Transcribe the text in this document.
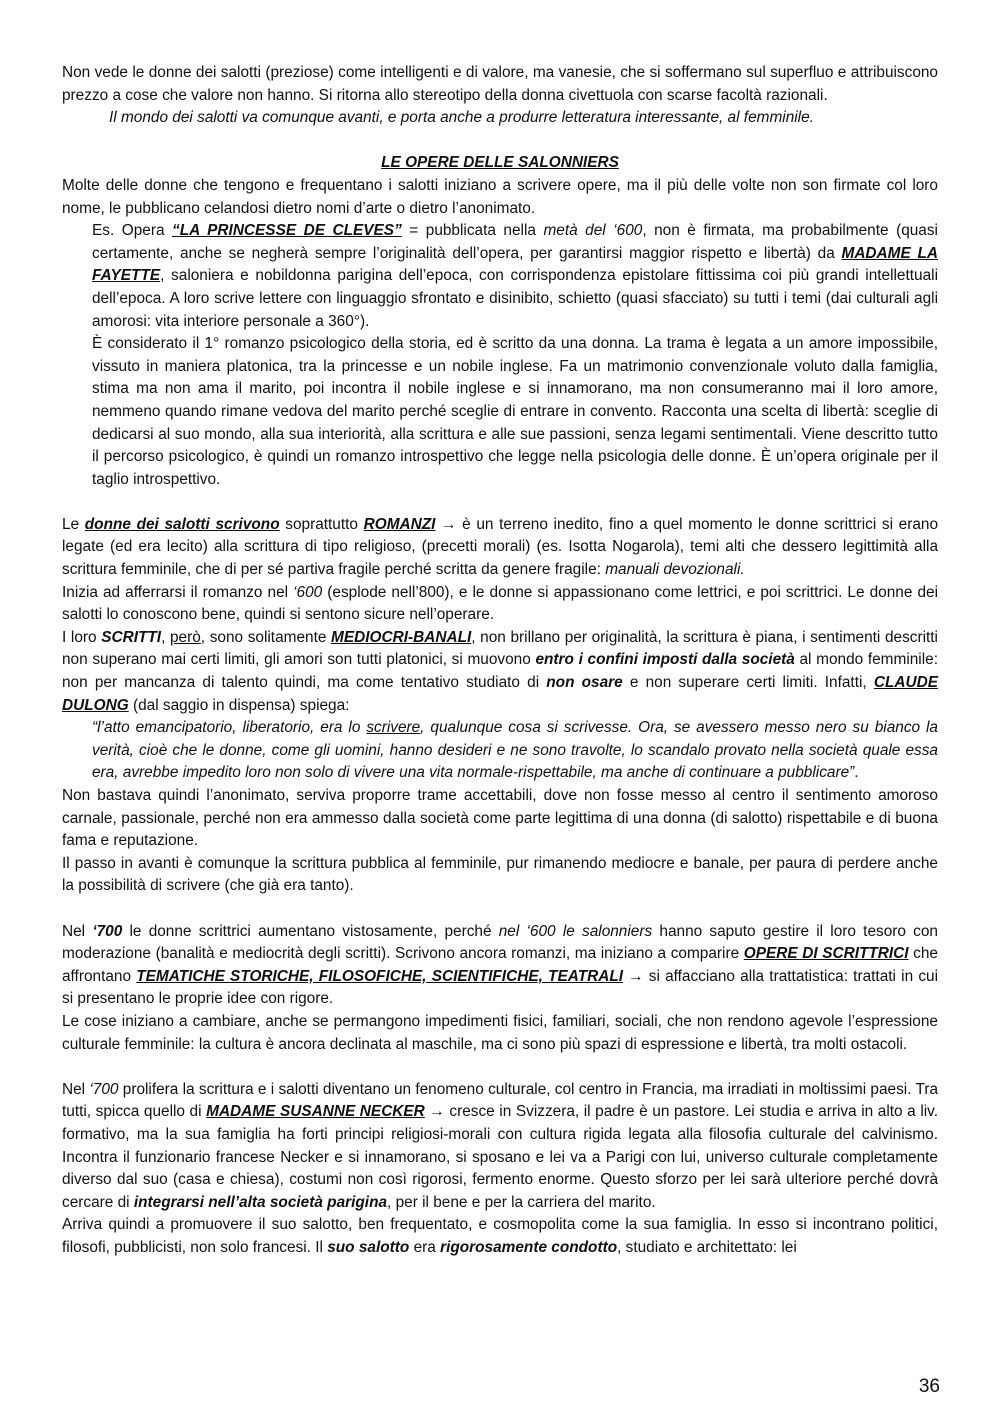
Non vede le donne dei salotti (preziose) come intelligenti e di valore, ma vanesie, che si soffermano sul superfluo e attribuiscono prezzo a cose che valore non hanno. Si ritorna allo stereotipo della donna civettuola con scarse facoltà razionali.

Il mondo dei salotti va comunque avanti, e porta anche a produrre letteratura interessante, al femminile.

LE OPERE DELLE SALONNIERS

Molte delle donne che tengono e frequentano i salotti iniziano a scrivere opere, ma il più delle volte non son firmate col loro nome, le pubblicano celandosi dietro nomi d’arte o dietro l’anonimato.

Es. Opera “LA PRINCESSE DE CLEVES” = pubblicata nella metà del ‘600, non è firmata, ma probabilmente (quasi certamente, anche se negherà sempre l’originalità dell’opera, per garantirsi maggior rispetto e libertà) da MADAME LA FAYETTE, saloniera e nobildonna parigina dell’epoca, con corrispondenza epistolare fittissima coi più grandi intellettuali dell’epoca. A loro scrive lettere con linguaggio sfrontato e disinibito, schietto (quasi sfacciato) su tutti i temi (dai culturali agli amorosi: vita interiore personale a 360°).

È considerato il 1° romanzo psicologico della storia, ed è scritto da una donna. La trama è legata a un amore impossibile, vissuto in maniera platonica, tra la princesse e un nobile inglese. Fa un matrimonio convenzionale voluto dalla famiglia, stima ma non ama il marito, poi incontra il nobile inglese e si innamorano, ma non consumeranno mai il loro amore, nemmeno quando rimane vedova del marito perché sceglie di entrare in convento. Racconta una scelta di libertà: sceglie di dedicarsi al suo mondo, alla sua interiorità, alla scrittura e alle sue passioni, senza legami sentimentali. Viene descritto tutto il percorso psicologico, è quindi un romanzo introspettivo che legge nella psicologia delle donne. È un’opera originale per il taglio introspettivo.

Le donne dei salotti scrivono soprattutto ROMANZI → è un terreno inedito, fino a quel momento le donne scrittrici si erano legate (ed era lecito) alla scrittura di tipo religioso, (precetti morali) (es. Isotta Nogarola), temi alti che dessero legittimità alla scrittura femminile, che di per sé partiva fragile perché scritta da genere fragile: manuali devozionali.

Inizia ad afferrarsi il romanzo nel ‘600 (esplode nell’800), e le donne si appassionano come lettrici, e poi scrittrici. Le donne dei salotti lo conoscono bene, quindi si sentono sicure nell’operare.

I loro SCRITTI, però, sono solitamente MEDIOCRI-BANALI, non brillano per originalità, la scrittura è piana, i sentimenti descritti non superano mai certi limiti, gli amori son tutti platonici, si muovono entro i confini imposti dalla società al mondo femminile: non per mancanza di talento quindi, ma come tentativo studiato di non osare e non superare certi limiti. Infatti, CLAUDE DULONG (dal saggio in dispensa) spiega:

“l’atto emancipatorio, liberatorio, era lo scrivere, qualunque cosa si scrivesse. Ora, se avessero messo nero su bianco la verità, cioè che le donne, come gli uomini, hanno desideri e ne sono travolte, lo scandalo provato nella società quale essa era, avrebbe impedito loro non solo di vivere una vita normale-rispettabile, ma anche di continuare a pubblicare”.

Non bastava quindi l’anonimato, serviva proporre trame accettabili, dove non fosse messo al centro il sentimento amoroso carnale, passionale, perché non era ammesso dalla società come parte legittima di una donna (di salotto) rispettabile e di buona fama e reputazione.

Il passo in avanti è comunque la scrittura pubblica al femminile, pur rimanendo mediocre e banale, per paura di perdere anche la possibilità di scrivere (che già era tanto).

Nel ‘700 le donne scrittrici aumentano vistosamente, perché nel ‘600 le salonniers hanno saputo gestire il loro tesoro con moderazione (banalità e mediocrità degli scritti). Scrivono ancora romanzi, ma iniziano a comparire OPERE DI SCRITTRICI che affrontano TEMATICHE STORICHE, FILOSOFICHE, SCIENTIFICHE, TEATRALI → si affacciano alla trattatistica: trattati in cui si presentano le proprie idee con rigore.

Le cose iniziano a cambiare, anche se permangono impedimenti fisici, familiari, sociali, che non rendono agevole l’espressione culturale femminile: la cultura è ancora declinata al maschile, ma ci sono più spazi di espressione e libertà, tra molti ostacoli.

Nel ‘700 prolifera la scrittura e i salotti diventano un fenomeno culturale, col centro in Francia, ma irradiati in moltissimi paesi. Tra tutti, spicca quello di MADAME SUSANNE NECKER → cresce in Svizzera, il padre è un pastore. Lei studia e arriva in alto a liv. formativo, ma la sua famiglia ha forti principi religiosi-morali con cultura rigida legata alla filosofia culturale del calvinismo. Incontra il funzionario francese Necker e si innamorano, si sposano e lei va a Parigi con lui, universo culturale completamente diverso dal suo (casa e chiesa), costumi non così rigorosi, fermento enorme. Questo sforzo per lei sarà ulteriore perché dovrà cercare di integrarsi nell’alta società parigina, per il bene e per la carriera del marito.

Arriva quindi a promuovere il suo salotto, ben frequentato, e cosmopolita come la sua famiglia. In esso si incontrano politici, filosofi, pubblicisti, non solo francesi. Il suo salotto era rigorosamente condotto, studiato e architettato: lei

36
